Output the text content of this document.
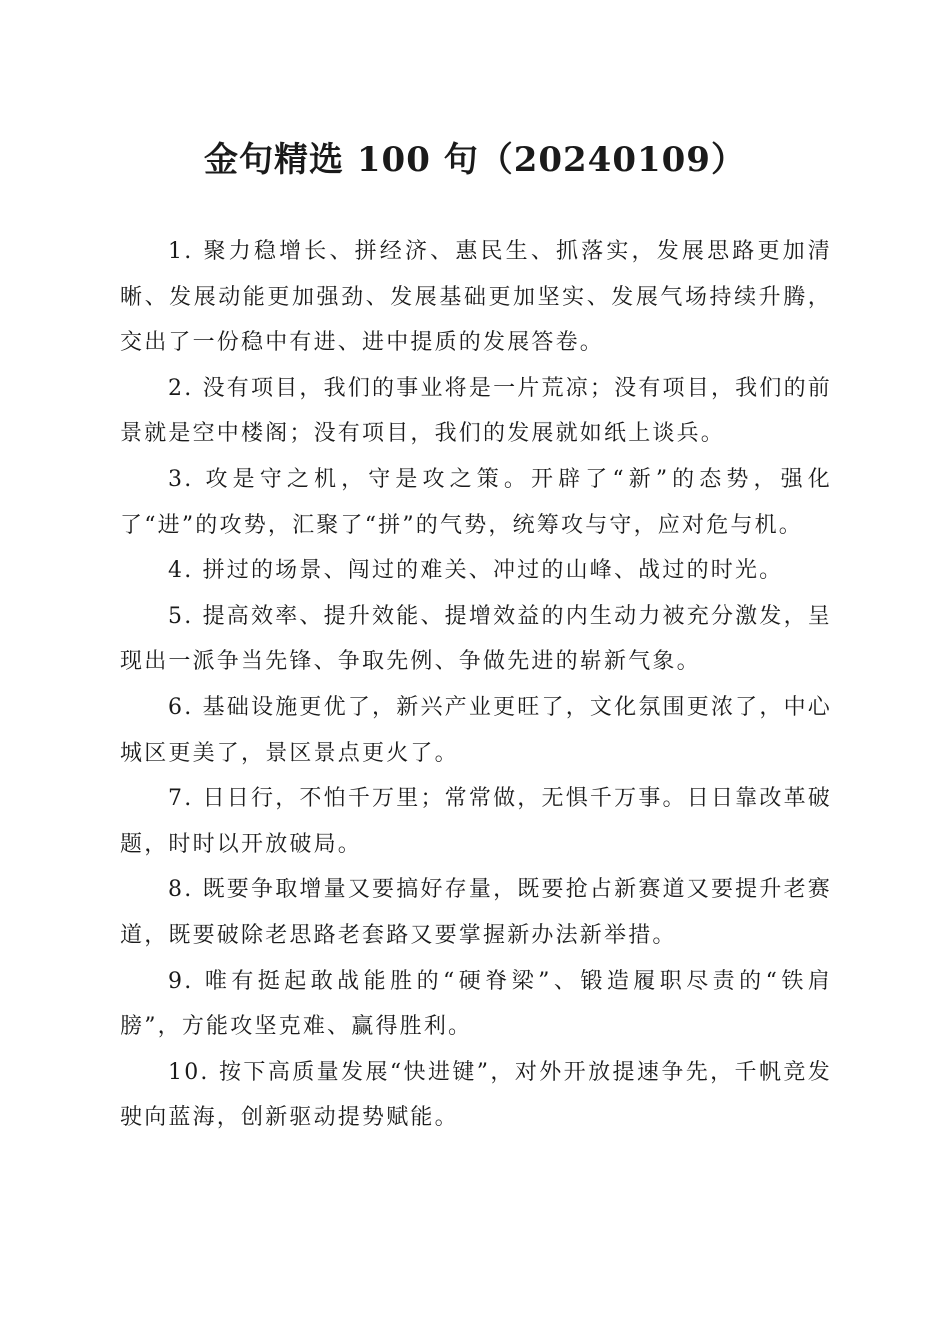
金句精选 100 句（20240109）

1. 聚力稳增长、拼经济、惠民生、抓落实，发展思路更加清晰、发展动能更加强劲、发展基础更加坚实、发展气场持续升腾，交出了一份稳中有进、进中提质的发展答卷。

2. 没有项目，我们的事业将是一片荒凉；没有项目，我们的前景就是空中楼阁；没有项目，我们的发展就如纸上谈兵。

3. 攻是守之机，守是攻之策。开辟了“新”的态势，强化了“进”的攻势，汇聚了“拼”的气势，统筹攻与守，应对危与机。

4. 拼过的场景、闯过的难关、冲过的山峰、战过的时光。

5. 提高效率、提升效能、提增效益的内生动力被充分激发，呈现出一派争当先锋、争取先例、争做先进的崭新气象。

6. 基础设施更优了，新兴产业更旺了，文化氛围更浓了，中心城区更美了，景区景点更火了。

7. 日日行，不怕千万里；常常做，无惧千万事。日日靠改革破题，时时以开放破局。

8. 既要争取增量又要搞好存量，既要抢占新赛道又要提升老赛道，既要破除老思路老套路又要掌握新办法新举措。

9. 唯有挺起敢战能胜的“硬脊梁”、锻造履职尽责的“铁肩膀”，方能攻坚克难、赢得胜利。

10. 按下高质量发展“快进键”，对外开放提速争先，千帆竞发驶向蓝海，创新驱动提势赋能。
